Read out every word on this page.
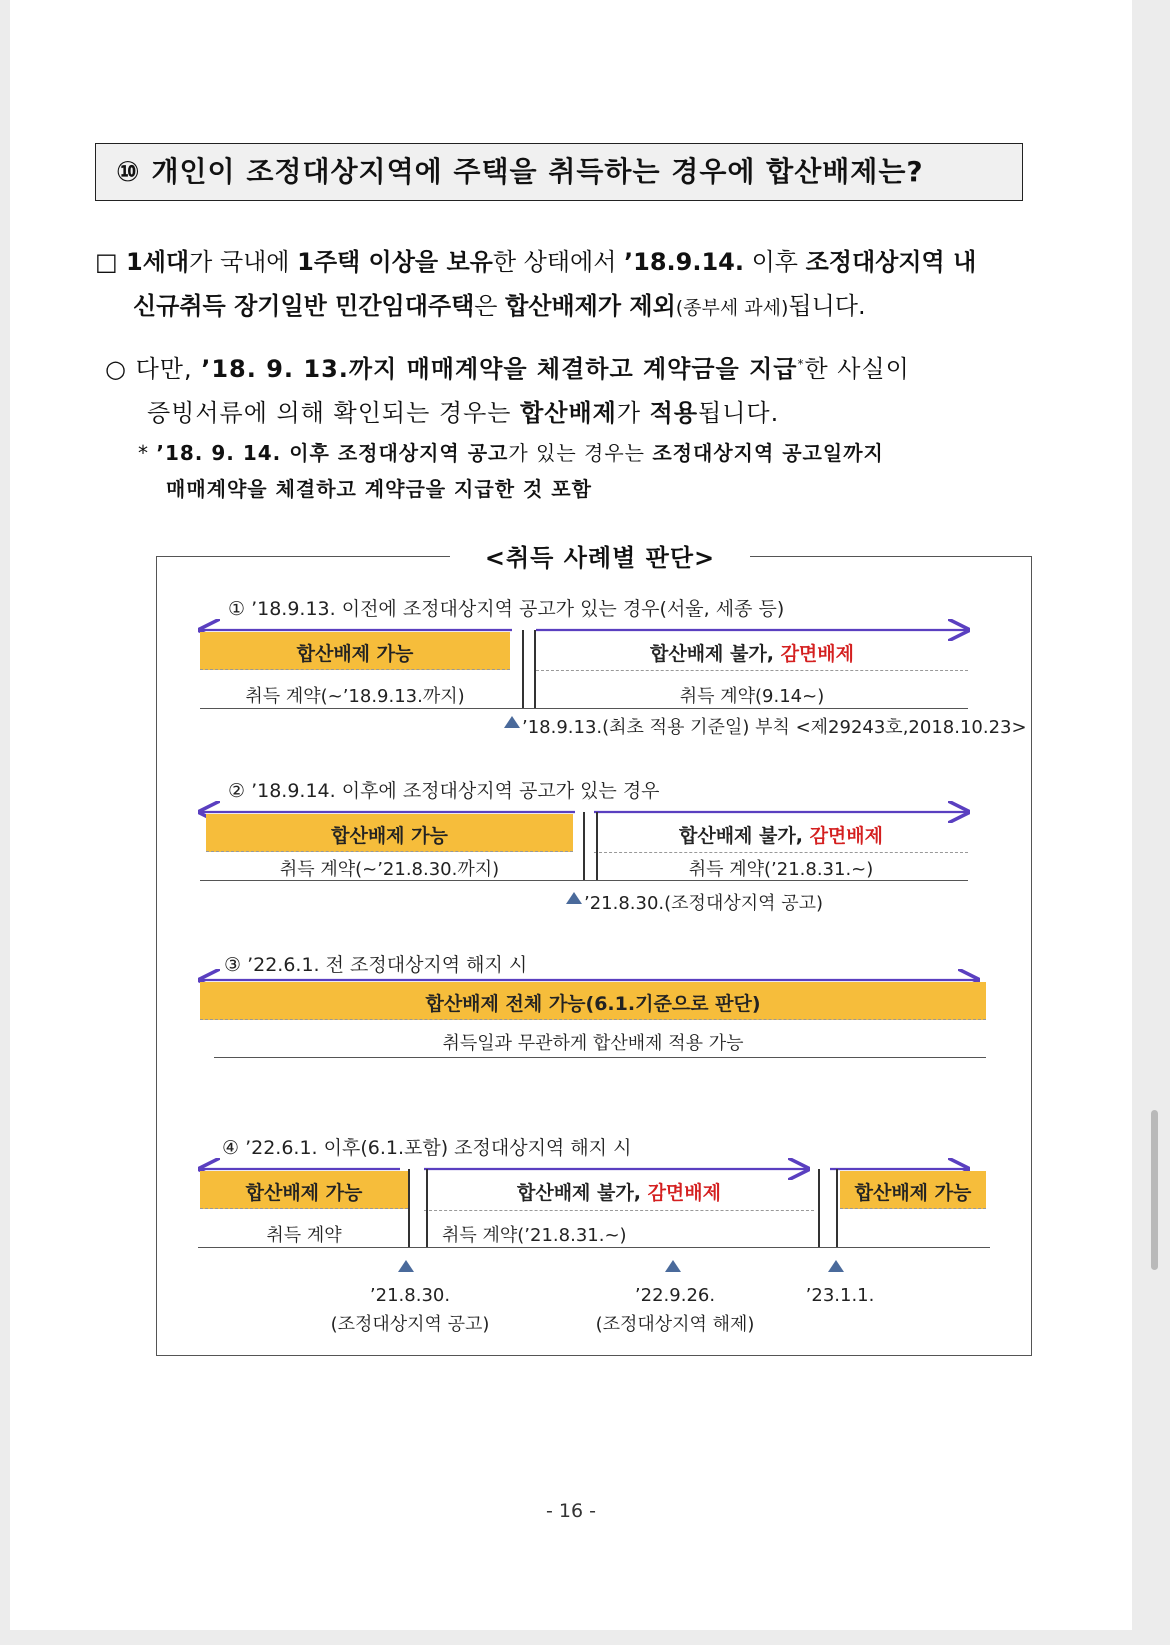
⑩ 개인이 조정대상지역에 주택을 취득하는 경우에 합산배제는?
□ 1세대가 국내에 1주택 이상을 보유한 상태에서 ’18.9.14. 이후 조정대상지역 내
신규취득 장기일반 민간임대주택은 합산배제가 제외(종부세 과세)됩니다.
○ 다만, ’18. 9. 13.까지 매매계약을 체결하고 계약금을 지급*한 사실이
증빙서류에 의해 확인되는 경우는 합산배제가 적용됩니다.
* ’18. 9. 14. 이후 조정대상지역 공고가 있는 경우는 조정대상지역 공고일까지
매매계약을 체결하고 계약금을 지급한 것 포함
<취득 사례별 판단>
① ’18.9.13. 이전에 조정대상지역 공고가 있는 경우(서울, 세종 등)
합산배제 가능	합산배제 불가, 감면배제
취득 계약(~’18.9.13.까지)	취득 계약(9.14~)
’18.9.13.(최초 적용 기준일) 부칙 <제29243호,2018.10.23>
② ’18.9.14. 이후에 조정대상지역 공고가 있는 경우
합산배제 가능	합산배제 불가, 감면배제
취득 계약(~’21.8.30.까지)	취득 계약(’21.8.31.~)
’21.8.30.(조정대상지역 공고)
③ ’22.6.1. 전 조정대상지역 해지 시
합산배제 전체 가능(6.1.기준으로 판단)
취득일과 무관하게 합산배제 적용 가능
④ ’22.6.1. 이후(6.1.포함) 조정대상지역 해지 시
합산배제 가능	합산배제 불가, 감면배제	합산배제 가능
취득 계약	취득 계약(’21.8.31.~)
’21.8.30.
(조정대상지역 공고)
’22.9.26.
(조정대상지역 해제)
’23.1.1.
- 16 -
